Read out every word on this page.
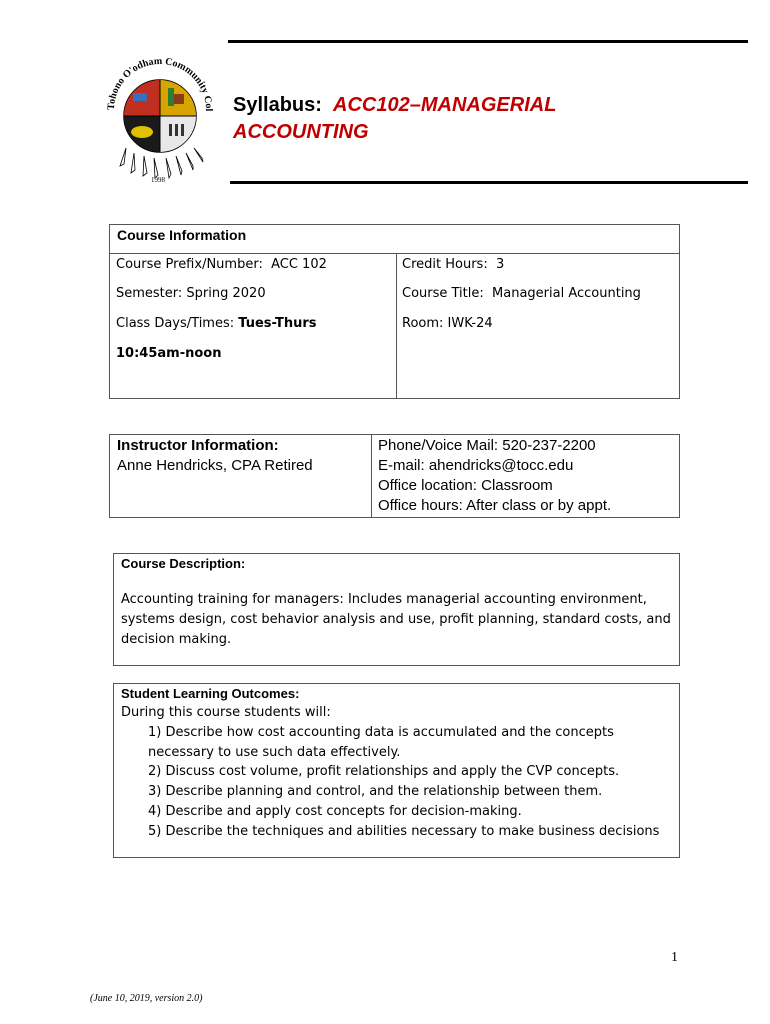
Tohono O'odham Community Col
1998
Syllabus: ACC102–MANAGERIAL
ACCOUNTING
Course Information
Course Prefix/Number: ACC 102	Credit Hours: 3
Semester: Spring 2020	Course Title: Managerial Accounting
Class Days/Times: Tues-Thurs	Room: IWK-24
10:45am-noon
Instructor Information:
Anne Hendricks, CPA Retired
Phone/Voice Mail: 520-237-2200
E-mail: ahendricks@tocc.edu
Office location: Classroom
Office hours: After class or by appt.
Course Description:
Accounting training for managers: Includes managerial accounting environment,
systems design, cost behavior analysis and use, profit planning, standard costs, and
decision making.
Student Learning Outcomes:
During this course students will:
1) Describe how cost accounting data is accumulated and the concepts
necessary to use such data effectively.
2) Discuss cost volume, profit relationships and apply the CVP concepts.
3) Describe planning and control, and the relationship between them.
4) Describe and apply cost concepts for decision-making.
5) Describe the techniques and abilities necessary to make business decisions
1
(June 10, 2019, version 2.0)
